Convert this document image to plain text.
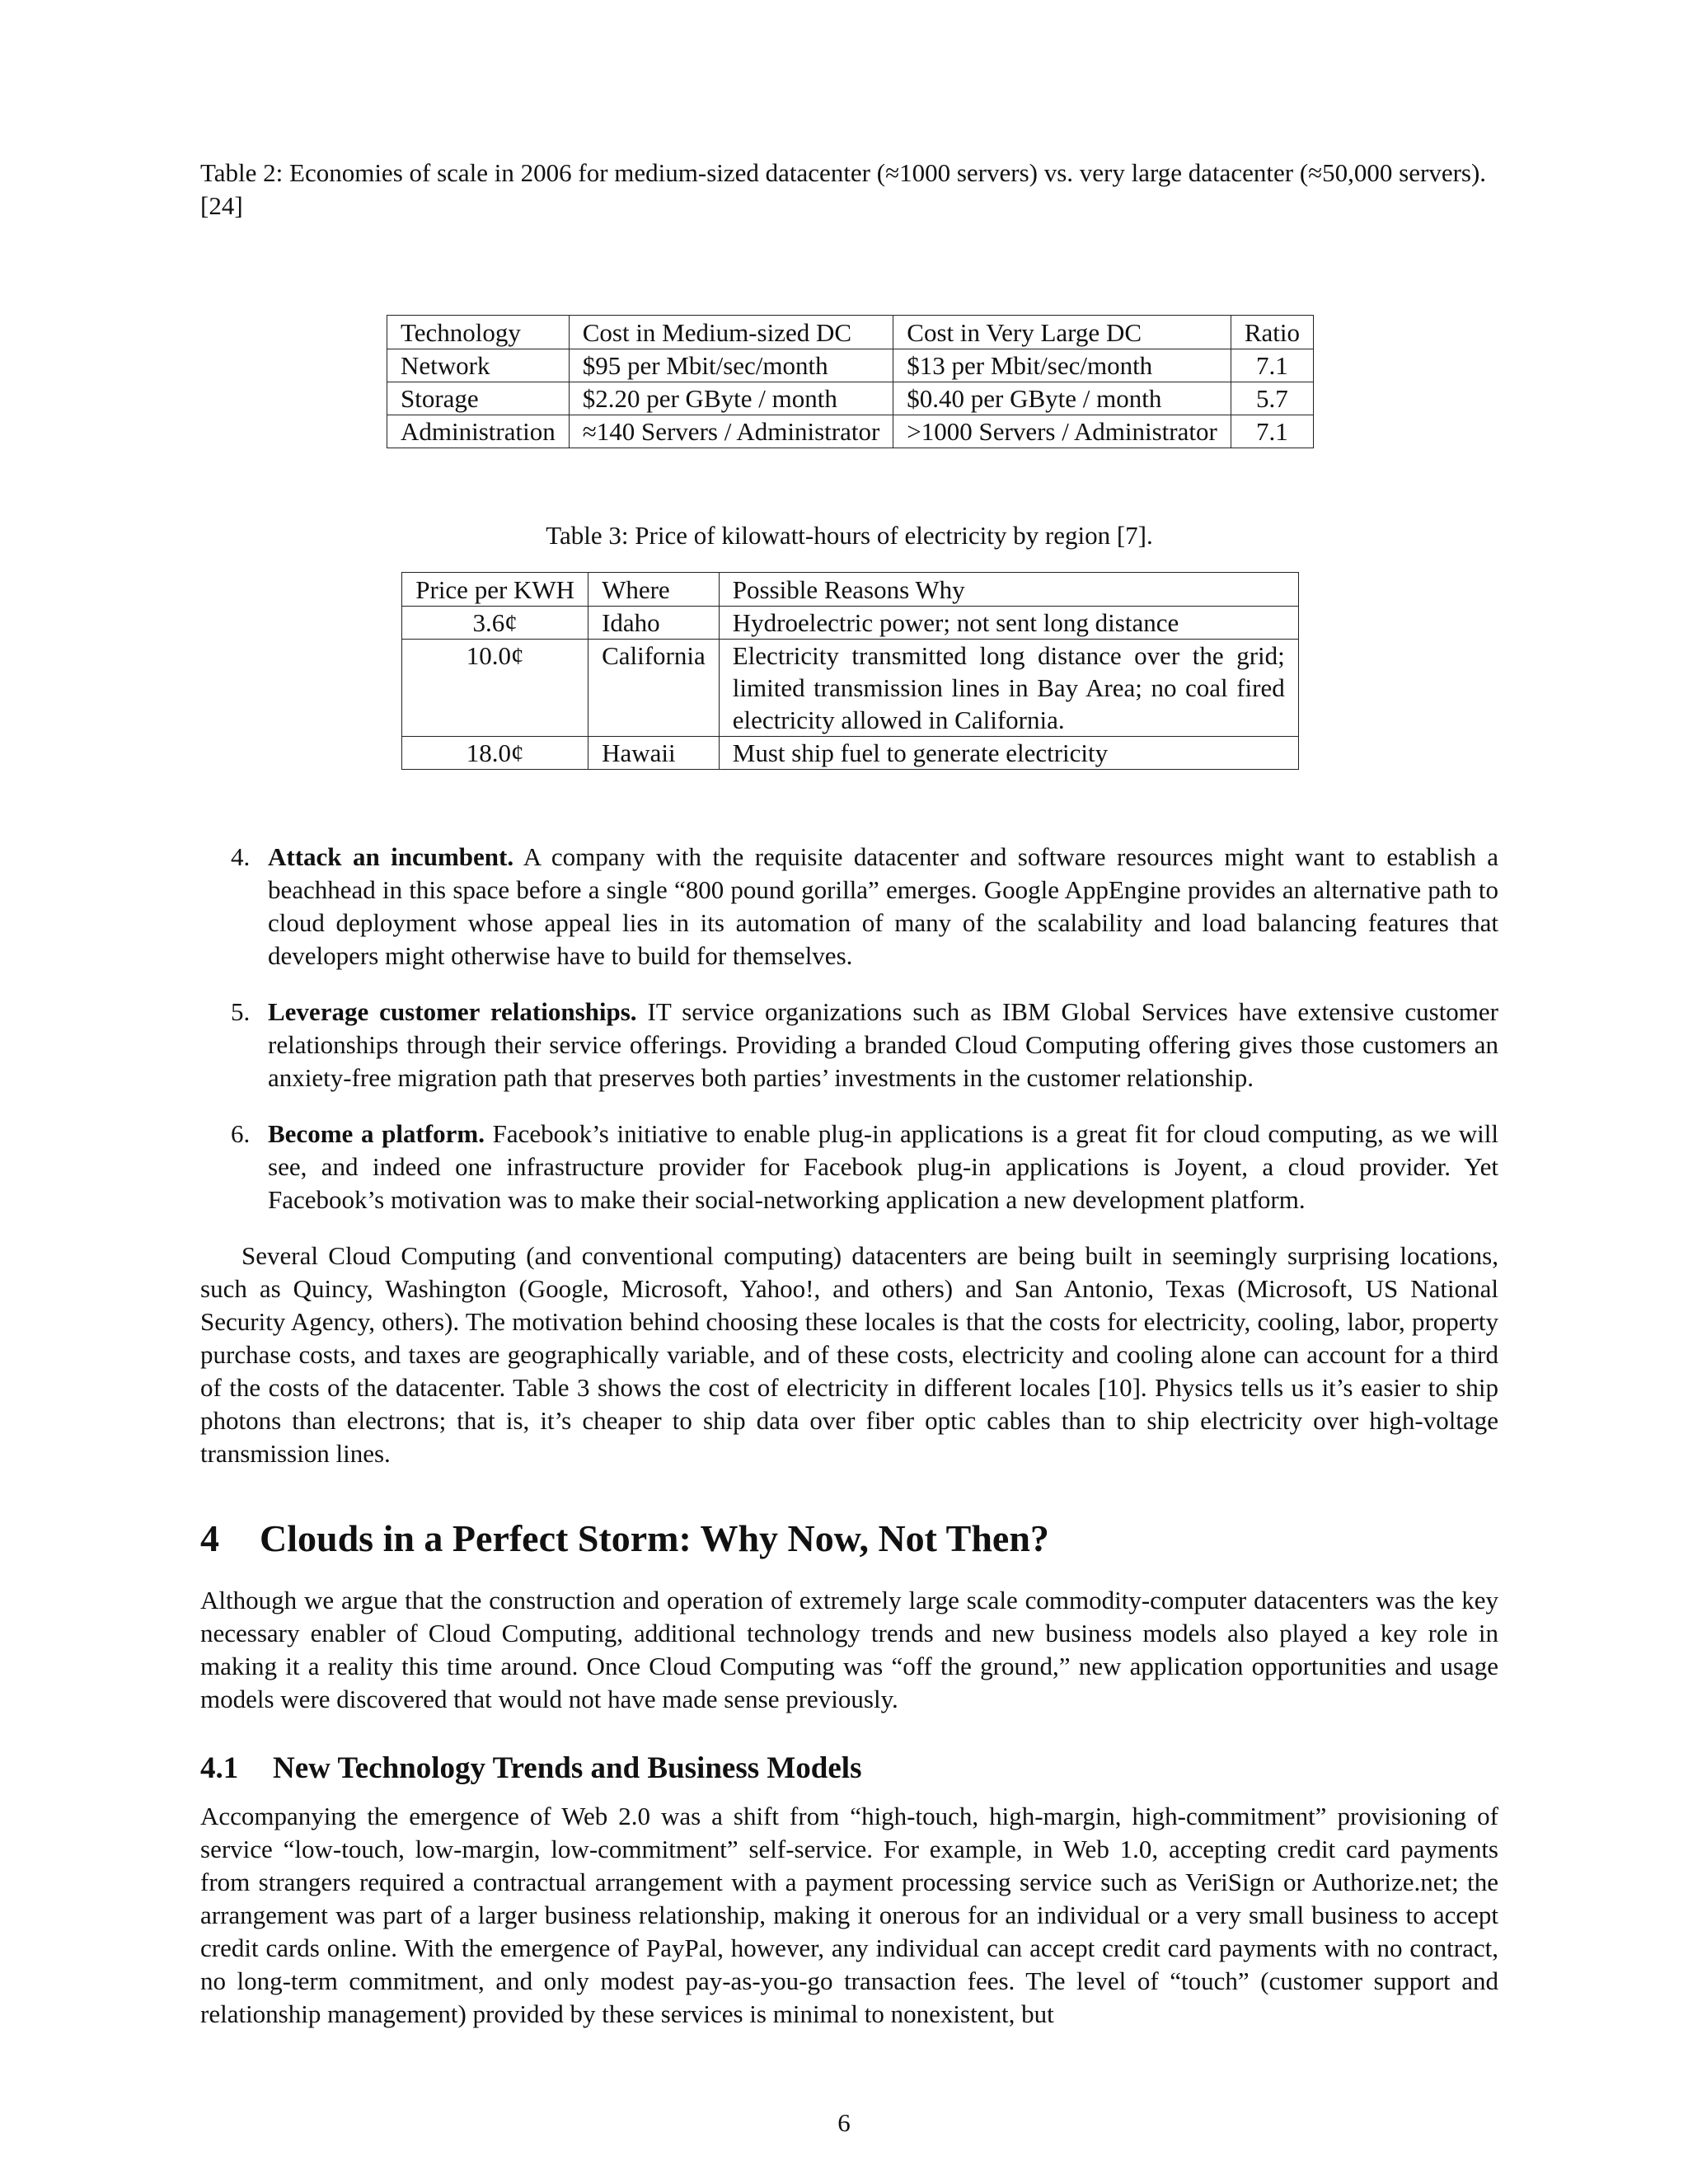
Table 2: Economies of scale in 2006 for medium-sized datacenter (≈1000 servers) vs. very large datacenter (≈50,000 servers). [24]

Technology	Cost in Medium-sized DC	Cost in Very Large DC	Ratio
Network	$95 per Mbit/sec/month	$13 per Mbit/sec/month	7.1
Storage	$2.20 per GByte / month	$0.40 per GByte / month	5.7
Administration	≈140 Servers / Administrator	>1000 Servers / Administrator	7.1

Table 3: Price of kilowatt-hours of electricity by region [7].

Price per KWH	Where	Possible Reasons Why
3.6¢	Idaho	Hydroelectric power; not sent long distance
10.0¢	California	Electricity transmitted long distance over the grid; limited transmission lines in Bay Area; no coal fired electricity allowed in California.
18.0¢	Hawaii	Must ship fuel to generate electricity
4. Attack an incumbent. A company with the requisite datacenter and software resources might want to establish a beachhead in this space before a single “800 pound gorilla” emerges. Google AppEngine provides an alternative path to cloud deployment whose appeal lies in its automation of many of the scalability and load balancing features that developers might otherwise have to build for themselves.
5. Leverage customer relationships. IT service organizations such as IBM Global Services have extensive customer relationships through their service offerings. Providing a branded Cloud Computing offering gives those customers an anxiety-free migration path that preserves both parties’ investments in the customer relationship.
6. Become a platform. Facebook’s initiative to enable plug-in applications is a great fit for cloud computing, as we will see, and indeed one infrastructure provider for Facebook plug-in applications is Joyent, a cloud provider. Yet Facebook’s motivation was to make their social-networking application a new development platform.

Several Cloud Computing (and conventional computing) datacenters are being built in seemingly surprising locations, such as Quincy, Washington (Google, Microsoft, Yahoo!, and others) and San Antonio, Texas (Microsoft, US National Security Agency, others). The motivation behind choosing these locales is that the costs for electricity, cooling, labor, property purchase costs, and taxes are geographically variable, and of these costs, electricity and cooling alone can account for a third of the costs of the datacenter. Table 3 shows the cost of electricity in different locales [10]. Physics tells us it’s easier to ship photons than electrons; that is, it’s cheaper to ship data over fiber optic cables than to ship electricity over high-voltage transmission lines.

4 Clouds in a Perfect Storm: Why Now, Not Then?

Although we argue that the construction and operation of extremely large scale commodity-computer datacenters was the key necessary enabler of Cloud Computing, additional technology trends and new business models also played a key role in making it a reality this time around. Once Cloud Computing was “off the ground,” new application opportunities and usage models were discovered that would not have made sense previously.

4.1 New Technology Trends and Business Models

Accompanying the emergence of Web 2.0 was a shift from “high-touch, high-margin, high-commitment” provisioning of service “low-touch, low-margin, low-commitment” self-service. For example, in Web 1.0, accepting credit card payments from strangers required a contractual arrangement with a payment processing service such as VeriSign or Authorize.net; the arrangement was part of a larger business relationship, making it onerous for an individual or a very small business to accept credit cards online. With the emergence of PayPal, however, any individual can accept credit card payments with no contract, no long-term commitment, and only modest pay-as-you-go transaction fees. The level of “touch” (customer support and relationship management) provided by these services is minimal to nonexistent, but

6
